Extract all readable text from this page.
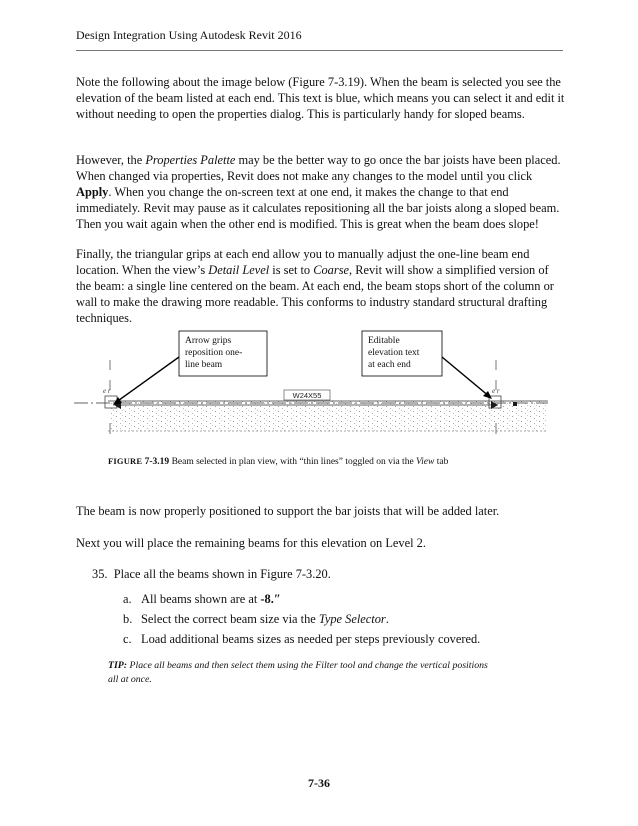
Design Integration Using Autodesk Revit 2016

Note the following about the image below (Figure 7-3.19). When the beam is selected you see the elevation of the beam listed at each end. This text is blue, which means you can select it and edit it without needing to open the properties dialog. This is particularly handy for sloped beams.

However, the Properties Palette may be the better way to go once the bar joists have been placed. When changed via properties, Revit does not make any changes to the model until you click Apply. When you change the on-screen text at one end, it makes the change to that end immediately. Revit may pause as it calculates repositioning all the bar joists along a sloped beam. Then you wait again when the other end is modified. This is great when the beam does slope!

Finally, the triangular grips at each end allow you to manually adjust the one-line beam end location. When the view’s Detail Level is set to Coarse, Revit will show a simplified version of the beam: a single line centered on the beam. At each end, the beam stops short of the column or wall to make the drawing more readable. This conforms to industry standard structural drafting techniques.

e r	e r
W24X55
Arrow grips reposition one- line beam
Editable elevation text at each end
FIGURE 7-3.19 Beam selected in plan view, with “thin lines” toggled on via the View tab

The beam is now properly positioned to support the bar joists that will be added later.

Next you will place the remaining beams for this elevation on Level 2.

35. Place all the beams shown in Figure 7-3.20.
a. All beams shown are at -8.″
b. Select the correct beam size via the Type Selector.
c. Load additional beams sizes as needed per steps previously covered.
TIP: Place all beams and then select them using the Filter tool and change the vertical positions all at once.
7-36
